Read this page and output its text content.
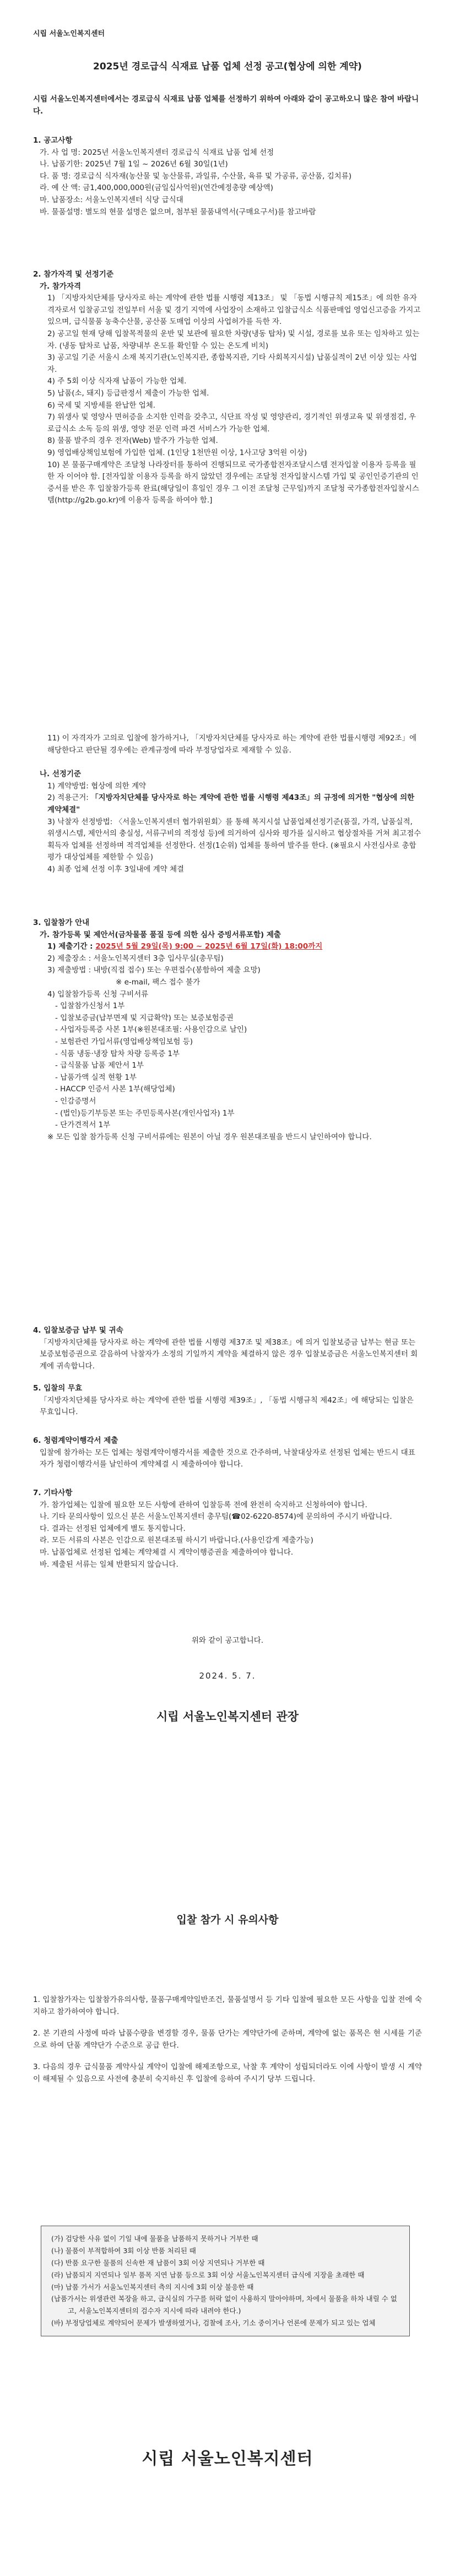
시립 서울노인복지센터
2025년 경로급식 식재료 납품 업체 선정 공고(협상에 의한 계약)
시립 서울노인복지센터에서는 경로급식 식재료 납품 업체를 선정하기 위하여 아래와 같이 공고하오니 많은 참여 바랍니다.

1. 공고사항

가. 사 업 명: 2025년 서울노인복지센터 경로급식 식재료 납품 업체 선정

나. 납품기한: 2025년 7월 1일 ~ 2026년 6월 30일(1년)

다. 품 명: 경로급식 식자재(농산물 및 농산물류, 과일류, 수산물, 육류 및 가공류, 공산품, 김치류)

라. 예 산 액: 금1,400,000,000원(금일십사억원)(연간예정총량 예상액)

마. 납품장소: 서울노인복지센터 식당 급식대

바. 물품설명: 별도의 현물 설명은 없으며, 첨부된 물품내역서(구매요구서)를 참고바람

2. 참가자격 및 선정기준

가. 참가자격

1) 「지방자치단체를 당사자로 하는 계약에 관한 법률 시행령 제13조」 및 「동법 시행규칙 제15조」에 의한 유자격자로서 입찰공고일 전일부터 서울 및 경기 지역에 사업장이 소재하고 입찰급식소 식품판매업 영업신고증을 가지고 있으며, 급식물품 농축수산물, 공산품 도매업 이상의 사업허가를 득한 자.

2) 공고일 현재 당해 입찰목적물의 운반 및 보관에 필요한 차량(냉동 탑차) 및 시설, 경로를 보유 또는 임차하고 있는 자. (냉동 탑차로 납품, 차량내부 온도를 확인할 수 있는 온도계 비치)

3) 공고일 기준 서울시 소재 복지기관(노인복지관, 종합복지관, 기타 사회복지시설) 납품실적이 2년 이상 있는 사업자.

4) 주 5회 이상 식자재 납품이 가능한 업체.

5) 납품(소, 돼지) 등급판정서 제출이 가능한 업체.

6) 국세 및 지방세를 완납한 업체.

7) 위생사 및 영양사 면허증을 소지한 인력을 갖추고, 식단표 작성 및 영양관리, 경기적인 위생교육 및 위생점검, 우로급식소 소독 등의 위생, 영양 전문 인력 파견 서비스가 가능한 업체.

8) 물품 발주의 경우 전자(Web) 발주가 가능한 업체.

9) 영업배상책임보험에 가입한 업체. (1인당 1천만원 이상, 1사고당 3억원 이상)

10) 본 물품구매계약은 조달청 나라장터를 통하여 진행되므로 국가종합전자조달시스템 전자입찰 이용자 등록을 필한 자 이어야 함. [전자입찰 이용자 등록을 하지 않았던 경우에는 조달청 전자입찰시스템 가입 및 공인인증기관의 인증서를 받은 후 입찰참가등록 완료(해당일이 휴일인 경우 그 이전 조달청 근무일)까지 조달청 국가종합전자입찰시스템(http://g2b.go.kr)에 이용자 등록을 하여야 함.]

11) 이 자격자가 고의로 입찰에 참가하거나, 「지방자치단체를 당사자로 하는 계약에 관한 법률시행령 제92조」에 해당한다고 판단될 경우에는 관계규정에 따라 부정당업자로 제재할 수 있음.

나. 선정기준

1) 계약방법: 협상에 의한 계약

2) 적용근거: 「지방자치단체를 당사자로 하는 계약에 관한 법률 시행령 제43조」의 규정에 의거한 "협상에 의한 계약체결"

3) 낙찰자 선정방법: 〈서울노인복지센터 협가위원회〉를 통해 복지시설 납품업체선정기준(품질, 가격, 납품실적, 위생시스템, 제안서의 충실성, 서류구비의 적정성 등)에 의거하여 심사와 평가를 실시하고 협상절차를 거쳐 최고점수 획득자 업체를 선정하며 적격업체를 선정한다. 선정(1순위) 업체를 통하여 발주를 한다. (※필요시 사전심사로 총합평가 대상업체를 제한할 수 있음)

4) 최종 업체 선정 이후 3일내에 계약 체결

3. 입찰참가 안내

가. 참가등록 및 제안서(금차물품 품질 등에 의한 심사 증빙서류포함) 제출

1) 제출기간 : 2025년 5월 29일(목) 9:00 ~ 2025년 6월 17일(화) 18:00까지

2) 제출장소 : 서울노인복지센터 3층 입사무실(총무팀)

3) 제출방법 : 내방(직접 접수) 또는 우편접수(봉함하여 제출 요망)

※ e-mail, 팩스 접수 불가

4) 입찰참가등록 신청 구비서류

- 입찰참가신청서 1부

- 입찰보증금(납부면제 및 지급확약) 또는 보증보험증권

- 사업자등록증 사본 1부(※원본대조필: 사용인감으로 날인)

- 보험관련 가입서류(영업배상책임보험 등)

- 식품 냉동·냉장 탑차 차량 등록증 1부

- 급식물품 납품 제안서 1부

- 납품가액 실적 현황 1부

- HACCP 인증서 사본 1부(해당업체)

- 인감증명서

- (법인)등기부등본 또는 주민등록사본(개인사업자) 1부

- 단가견적서 1부

※ 모든 입찰 참가등록 신청 구비서류에는 원본이 아닐 경우 원본대조필을 반드시 날인하여야 합니다.

4. 입찰보증금 납부 및 귀속

「지방자치단체를 당사자로 하는 계약에 관한 법률 시행령 제37조 및 제38조」에 의거 입찰보증금 납부는 현금 또는 보증보험증권으로 갈음하여 낙찰자가 소정의 기일까지 계약을 체결하지 않은 경우 입찰보증금은 서울노인복지센터 회계에 귀속합니다.

5. 입찰의 무효

「지방자치단체를 당사자로 하는 계약에 관한 법률 시행령 제39조」, 「동법 시행규칙 제42조」에 해당되는 입찰은 무효입니다.

6. 청렴계약이행각서 제출

입찰에 참가하는 모든 업체는 청렴계약이행각서를 제출한 것으로 간주하며, 낙찰대상자로 선정된 업체는 반드시 대표자가 청렴이행각서를 날인하여 계약체결 시 제출하여야 합니다.

7. 기타사항

가. 참가업체는 입찰에 필요한 모든 사항에 관하여 입찰등록 전에 완전히 숙지하고 신청하여야 합니다.

나. 기타 문의사항이 있으신 분은 서울노인복지센터 총무팀(☎02-6220-8574)에 문의하여 주시기 바랍니다.

다. 결과는 선정된 업체에게 별도 통지합니다.

라. 모든 서류의 사본은 인감으로 원본대조필 하시기 바랍니다.(사용인감계 제출가능)

마. 납품업체로 선정된 업체는 계약체결 시 계약이행증권을 제출하여야 합니다.

바. 제출된 서류는 일체 반환되지 않습니다.

위와 같이 공고합니다.
2024. 5. 7.
시립 서울노인복지센터 관장
입찰 참가 시 유의사항

1. 입찰참가자는 입찰참가유의사항, 물품구매계약일반조건, 물품설명서 등 기타 입찰에 필요한 모든 사항을 입찰 전에 숙지하고 참가하여야 합니다.

2. 본 기관의 사정에 따라 납품수량을 변경할 경우, 물품 단가는 계약단가에 준하며, 계약에 없는 품목은 현 시세를 기준으로 하여 단품 계약단가 수준으로 공급 한다.

3. 다음의 경우 급식물품 계약사실 계약이 입찰에 해제조항으로, 낙찰 후 계약이 성립되더라도 이에 사항이 발생 시 계약이 해제될 수 있음으로 사전에 충분히 숙지하신 후 입찰에 응하여 주시기 당부 드립니다.

(가) 검당한 사유 없이 기일 내에 물품을 납품하지 못하거나 거부한 때

(나) 물품이 부적합하여 3회 이상 반품 처리된 때

(다) 반품 요구한 물품의 신속한 재 납품이 3회 이상 지연되나 거부한 때

(라) 납품되지 지연되나 일부 품목 지연 납품 등으로 3회 이상 서울노인복지센터 급식에 지장을 초래한 때

(마) 납품 가서가 서울노인복지센터 측의 지시에 3회 이상 불응한 때

(납품가서는 위생관련 복장을 하고, 급식실의 가구를 허락 없이 사용하지 말아야하며, 차에서 물품을 하차 내릴 수 없고, 서울노인복지센터의 검수자 지시에 따라 내려야 한다.)

(바) 부정당업체로 계약되어 문제가 발생하였거나, 검찰에 조사, 기소 중이거나 언론에 문제가 되고 있는 업체

시립 서울노인복지센터
